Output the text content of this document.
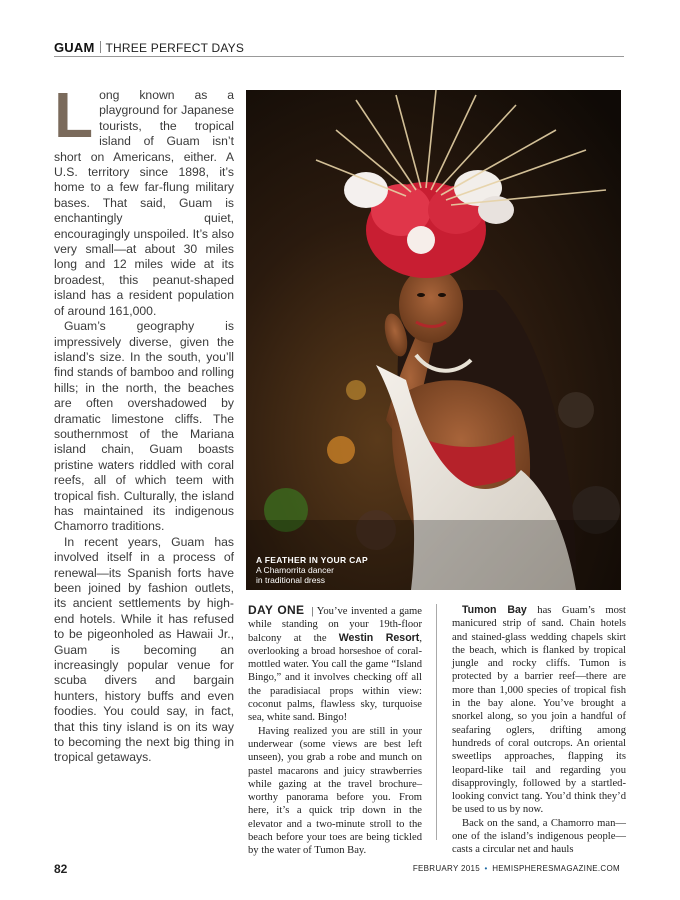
GUAM THREE PERFECT DAYS

Long known as a playground for Japanese tourists, the tropical island of Guam isn’t short on Americans, either. A U.S. territory since 1898, it’s home to a few far-flung military bases. That said, Guam is enchantingly quiet, encouragingly unspoiled. It’s also very small—at about 30 miles long and 12 miles wide at its broadest, this peanut-shaped island has a resident population of around 161,000.

Guam’s geography is impressively diverse, given the island’s size. In the south, you’ll find stands of bamboo and rolling hills; in the north, the beaches are often overshadowed by dramatic limestone cliffs. The southernmost of the Mariana island chain, Guam boasts pristine waters riddled with coral reefs, all of which teem with tropical fish. Culturally, the island has maintained its indigenous Chamorro traditions.

In recent years, Guam has involved itself in a process of renewal—its Spanish forts have been joined by fashion outlets, its ancient settlements by high-end hotels. While it has refused to be pigeonholed as Hawaii Jr., Guam is becoming an increasingly popular venue for scuba divers and bargain hunters, history buffs and even foodies. You could say, in fact, that this tiny island is on its way to becoming the next big thing in tropical getaways.

A FEATHER IN YOUR CAP
A Chamorrita dancer
in traditional dress

DAY ONE  | You’ve invented a game while standing on your 19th-floor balcony at the Westin Resort, overlooking a broad horseshoe of coral-mottled water. You call the game “Island Bingo,” and it involves checking off all the paradisiacal props within view: coconut palms, flawless sky, turquoise sea, white sand. Bingo!

Having realized you are still in your underwear (some views are best left unseen), you grab a robe and munch on pastel macarons and juicy strawberries while gazing at the travel brochure–worthy panorama before you. From here, it’s a quick trip down in the elevator and a two-minute stroll to the beach before your toes are being tickled by the water of Tumon Bay.

Tumon Bay has Guam’s most manicured strip of sand. Chain hotels and stained-glass wedding chapels skirt the beach, which is flanked by tropical jungle and rocky cliffs. Tumon is protected by a barrier reef—there are more than 1,000 species of tropical fish in the bay alone. You’ve brought a snorkel along, so you join a handful of seafaring oglers, drifting among hundreds of coral outcrops. An oriental sweetlips approaches, flapping its leopard-like tail and regarding you disapprovingly, followed by a startled-looking convict tang. You’d think they’d be used to us by now.

Back on the sand, a Chamorro man—one of the island’s indigenous people—casts a circular net and hauls

82	FEBRUARY 2015 • HEMISPHERESMAGAZINE.COM
